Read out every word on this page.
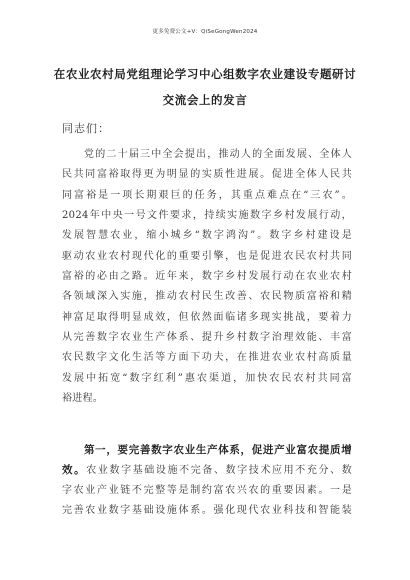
更多免费公文+V：QiSeGongWen2024
在农业农村局党组理论学习中心组数字农业建设专题研讨
交流会上的发言
同志们：
党的二十届三中全会提出，推动人的全面发展、全体人
民共同富裕取得更为明显的实质性进展。促进全体人民共
同富裕是一项长期艰巨的任务，其重点难点在“三农”。
2024年中央一号文件要求，持续实施数字乡村发展行动，
发展智慧农业，缩小城乡“数字鸿沟”。数字乡村建设是
驱动农业农村现代化的重要引擎，也是促进农民农村共同
富裕的必由之路。近年来，数字乡村发展行动在农业农村
各领域深入实施，推动农村民生改善、农民物质富裕和精
神富足取得明显成效，但依然面临诸多现实挑战，要着力
从完善数字农业生产体系、提升乡村数字治理效能、丰富
农民数字文化生活等方面下功夫，在推进农业农村高质量
发展中拓宽“数字红利”惠农渠道，加快农民农村共同富
裕进程。
第一，要完善数字农业生产体系，促进产业富农提质增
效。农业数字基础设施不完备、数字技术应用不充分、数
字农业产业链不完整等是制约富农兴农的重要因素。一是
完善农业数字基础设施体系。强化现代农业科技和智能装
